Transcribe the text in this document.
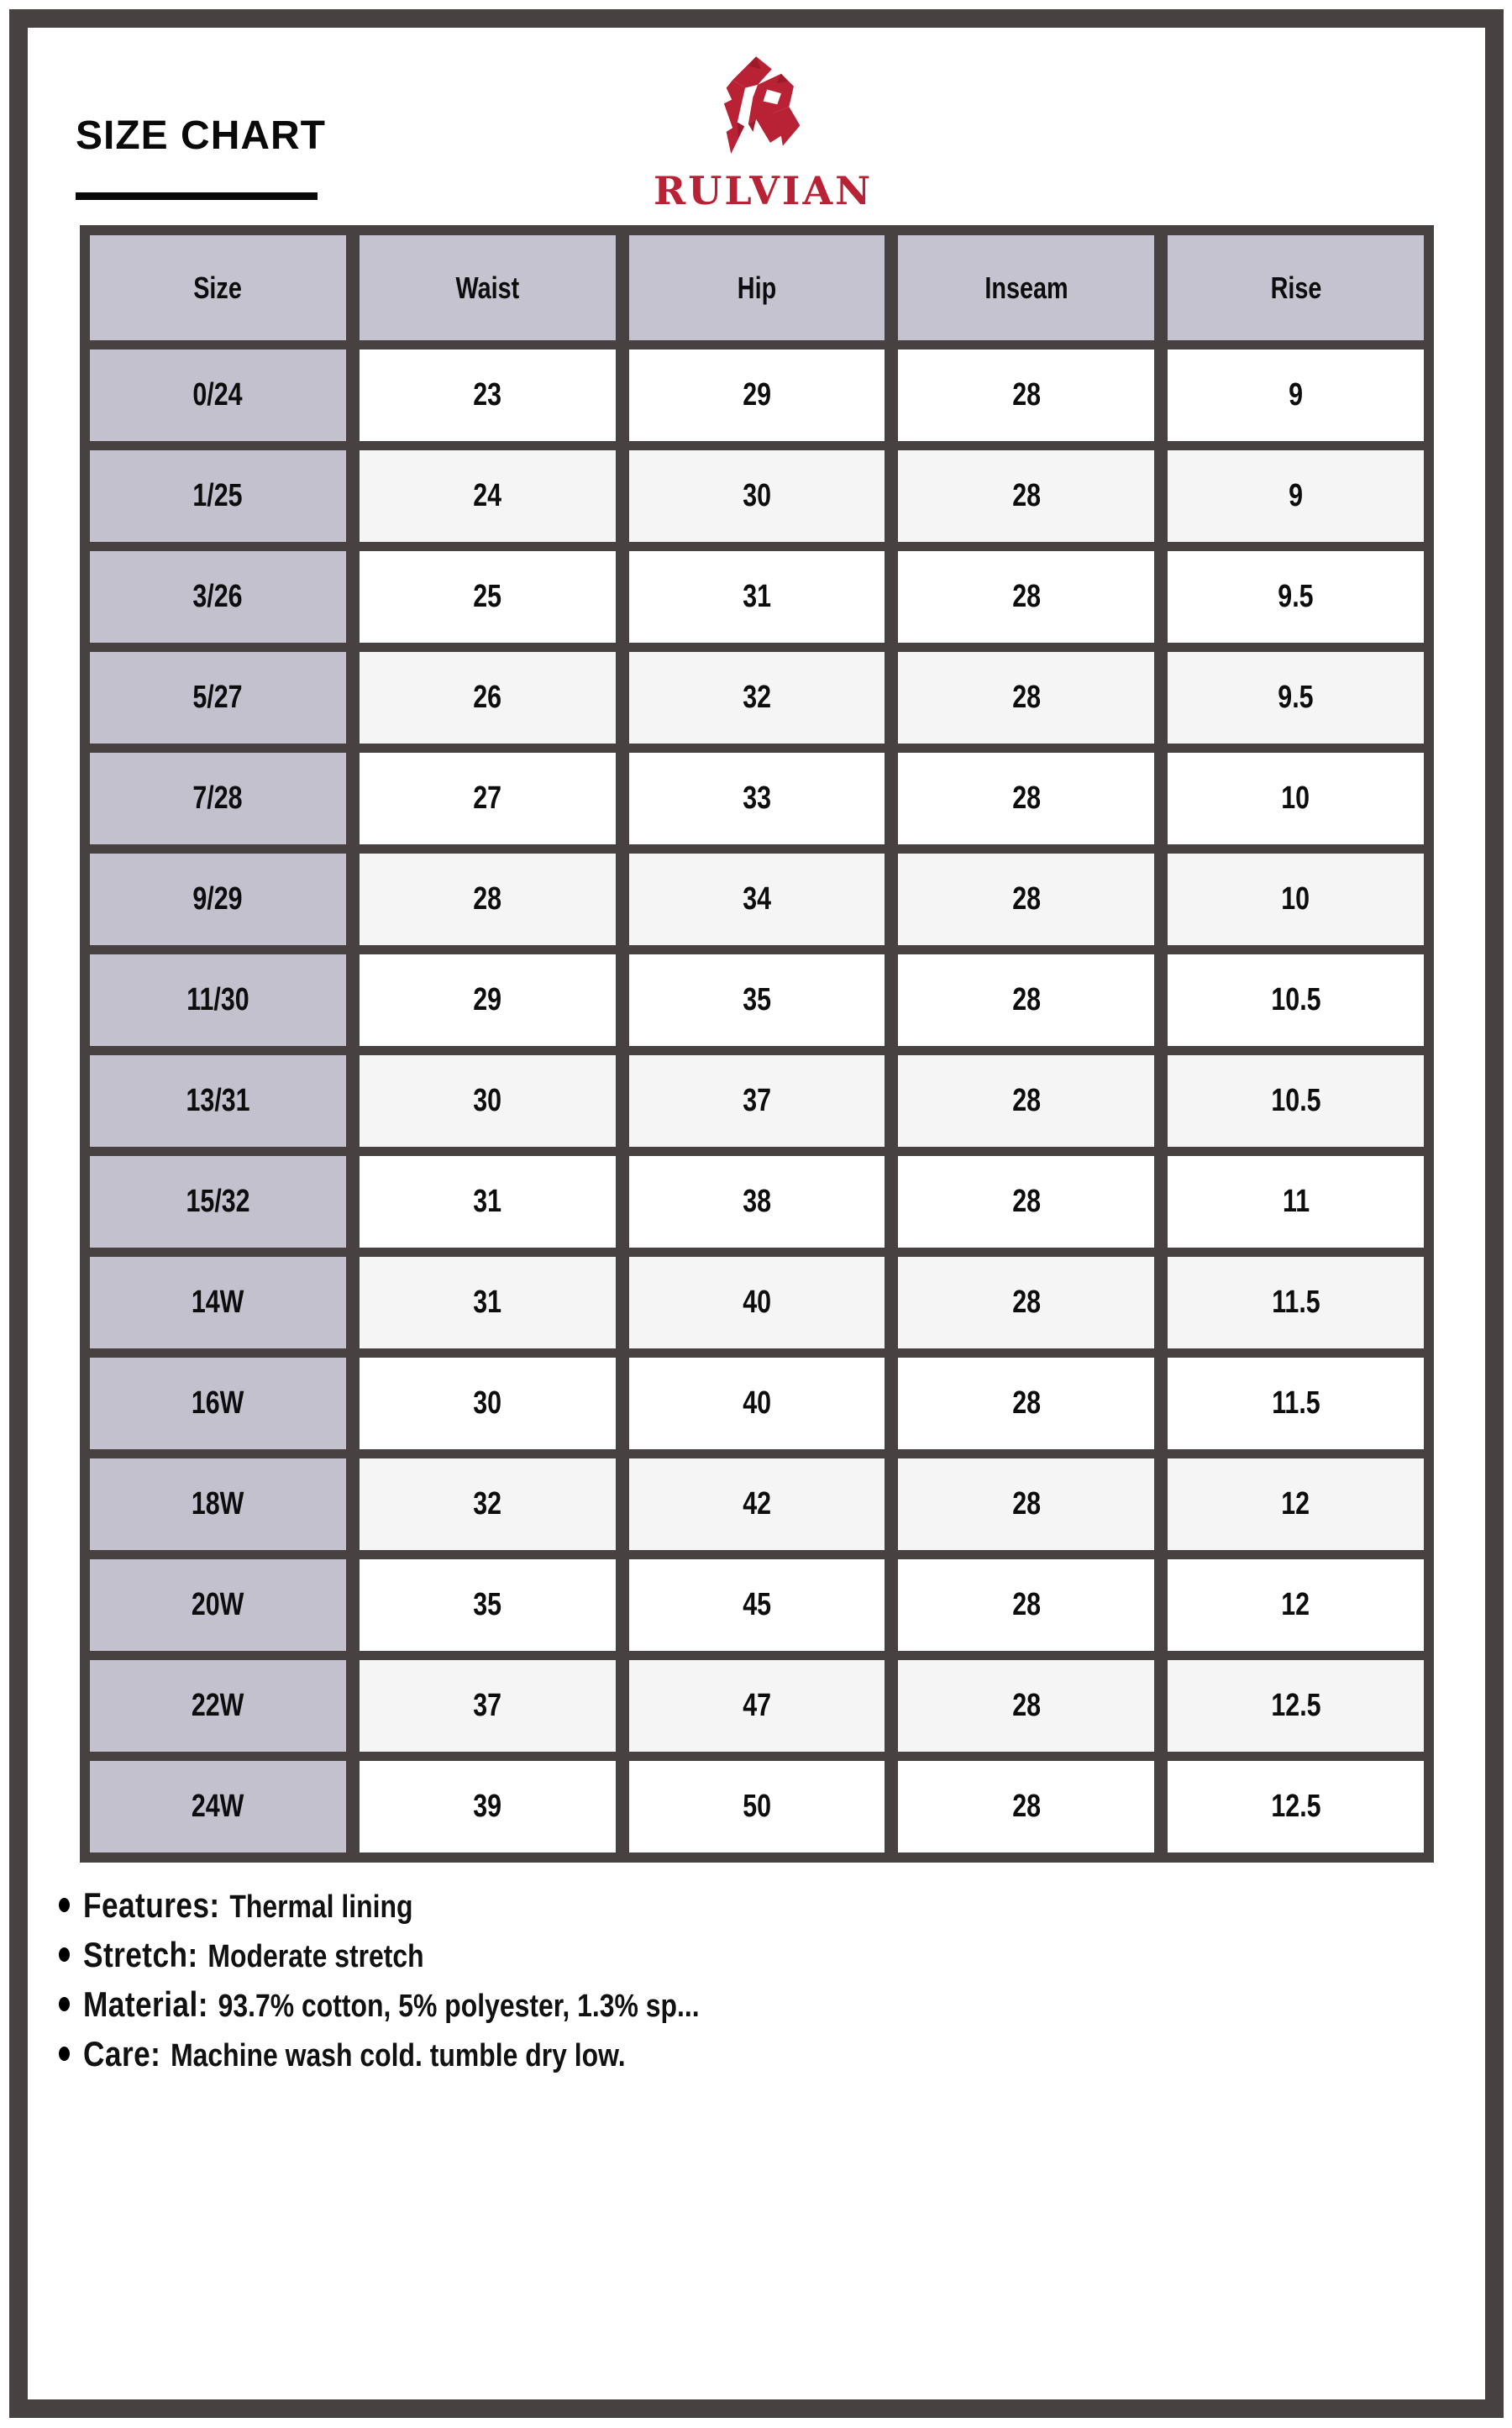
SIZE CHART
RULVIAN
Size	Waist	Hip	Inseam	Rise
0/24	23	29	28	9
1/25	24	30	28	9
3/26	25	31	28	9.5
5/27	26	32	28	9.5
7/28	27	33	28	10
9/29	28	34	28	10
11/30	29	35	28	10.5
13/31	30	37	28	10.5
15/32	31	38	28	11
14W	31	40	28	11.5
16W	30	40	28	11.5
18W	32	42	28	12
20W	35	45	28	12
22W	37	47	28	12.5
24W	39	50	28	12.5
Features: Thermal lining
Stretch: Moderate stretch
Material: 93.7% cotton, 5% polyester, 1.3% sp...
Care: Machine wash cold. tumble dry low.
